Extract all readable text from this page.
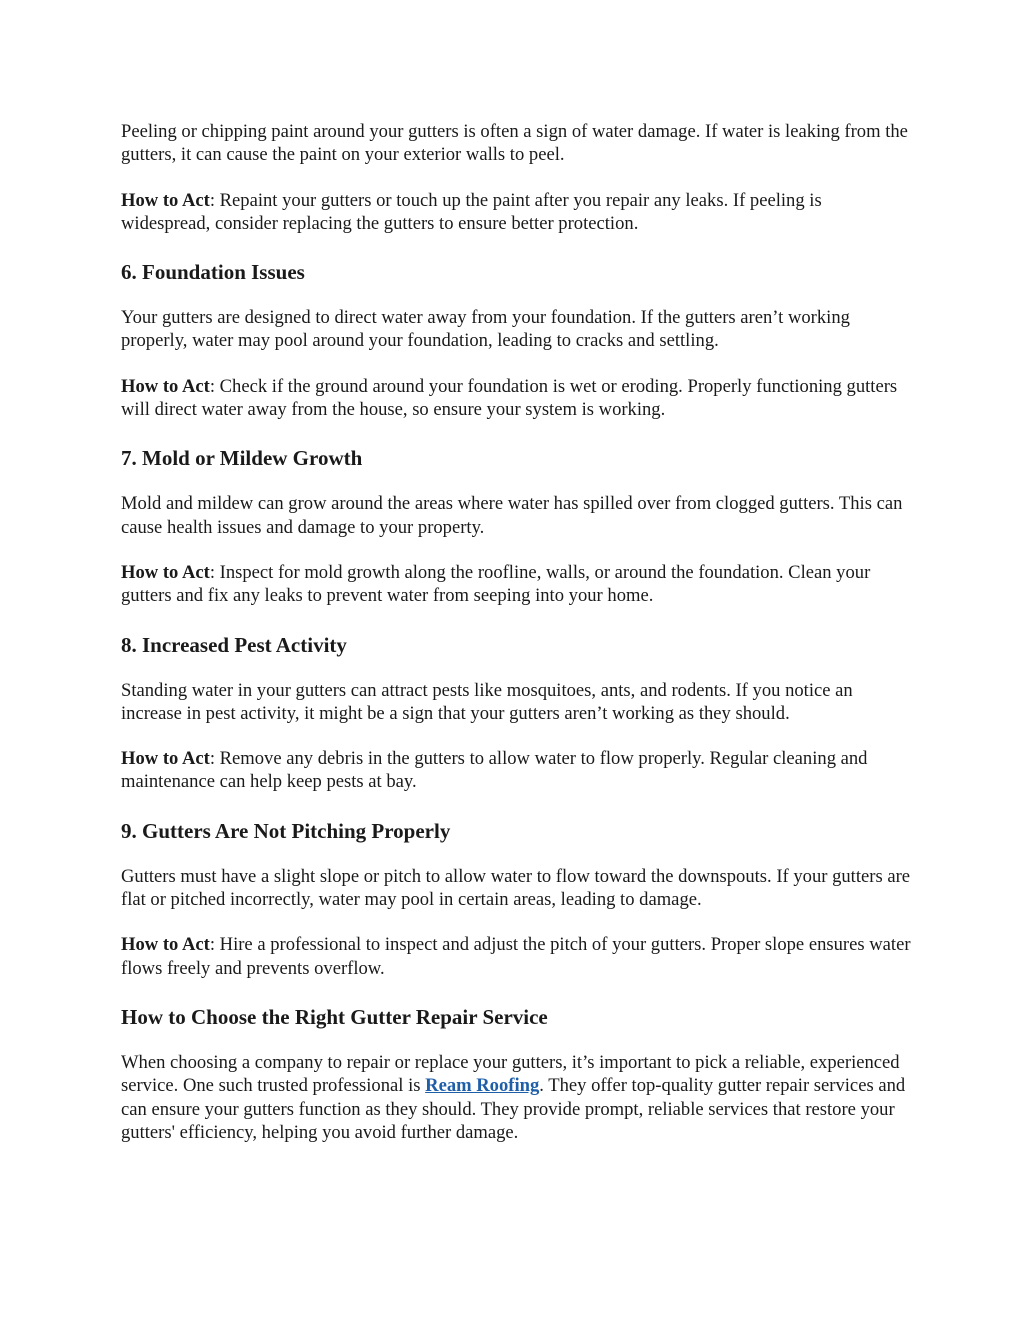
Peeling or chipping paint around your gutters is often a sign of water damage. If water is leaking from the gutters, it can cause the paint on your exterior walls to peel.

How to Act: Repaint your gutters or touch up the paint after you repair any leaks. If peeling is widespread, consider replacing the gutters to ensure better protection.

6. Foundation Issues

Your gutters are designed to direct water away from your foundation. If the gutters aren’t working properly, water may pool around your foundation, leading to cracks and settling.

How to Act: Check if the ground around your foundation is wet or eroding. Properly functioning gutters will direct water away from the house, so ensure your system is working.

7. Mold or Mildew Growth

Mold and mildew can grow around the areas where water has spilled over from clogged gutters. This can cause health issues and damage to your property.

How to Act: Inspect for mold growth along the roofline, walls, or around the foundation. Clean your gutters and fix any leaks to prevent water from seeping into your home.

8. Increased Pest Activity

Standing water in your gutters can attract pests like mosquitoes, ants, and rodents. If you notice an increase in pest activity, it might be a sign that your gutters aren’t working as they should.

How to Act: Remove any debris in the gutters to allow water to flow properly. Regular cleaning and maintenance can help keep pests at bay.

9. Gutters Are Not Pitching Properly

Gutters must have a slight slope or pitch to allow water to flow toward the downspouts. If your gutters are flat or pitched incorrectly, water may pool in certain areas, leading to damage.

How to Act: Hire a professional to inspect and adjust the pitch of your gutters. Proper slope ensures water flows freely and prevents overflow.

How to Choose the Right Gutter Repair Service

When choosing a company to repair or replace your gutters, it’s important to pick a reliable, experienced service. One such trusted professional is Ream Roofing. They offer top-quality gutter repair services and can ensure your gutters function as they should. They provide prompt, reliable services that restore your gutters' efficiency, helping you avoid further damage.
